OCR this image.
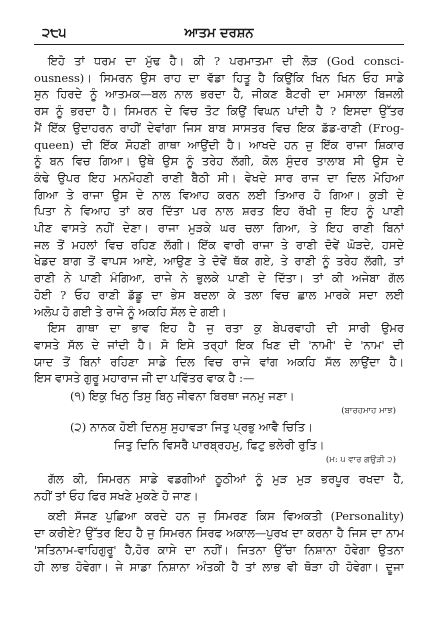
੨੮੫	ਆਤਮ ਦਰਸ਼ਨ
ਇਹੋ ਤਾਂ ਧਰਮ ਦਾ ਮੁੱਢ ਹੈ। ਕੀ ? ਪਰਮਾਤਮਾ ਦੀ ਲੋੜ (God consci-
ousness)। ਸਿਮਰਨ ਉਸ ਰਾਹ ਦਾ ਵੱਡਾ ਹਿਤੂ ਹੈ ਕਿਉਂਕਿ ਖਿਨ ਖਿਨ ਓਹ ਸਾਡੇ
ਸੁਨ ਹਿਰਦੇ ਨੂੰ ਆਤਮਕ—ਬਲ ਨਾਲ ਭਰਦਾ ਹੈ, ਜੀਕਣ ਬੈਟਰੀ ਦਾ ਮਸਾਲਾ ਬਿਜਲੀ
ਰਸ ਨੂੰ ਭਰਦਾ ਹੈ। ਸਿਮਰਨ ਦੇ ਵਿਚ ਤੋਟ ਕਿਉਂ ਵਿਘਨ ਪਾਂਦੀ ਹੈ ? ਇਸਦਾ ਉੱਤਰ
ਮੈਂ ਇੱਕ ਉਦਾਹਰਨ ਰਾਹੀਂ ਦੇਵਾਂਗਾ ਜਿਸ ਬਾਬ ਸਾਸਤਰ ਵਿਚ ਇਕ ਡੱਡ-ਰਾਣੀ (Frog-
queen) ਦੀ ਇੱਕ ਸੋਹਣੀ ਗਾਥਾ ਆਉਂਦੀ ਹੈ। ਆਖਦੇ ਹਨ ਜੁ ਇੱਕ ਰਾਜਾ ਸ਼ਿਕਾਰ
ਨੂੰ ਬਨ ਵਿਚ ਗਿਆ। ਉਥੇ ਉਸ ਨੂੰ ਤਰੇਹ ਲੱਗੀ, ਕੋਲ ਸੁੰਦਰ ਤਾਲਾਬ ਸੀ ਉਸ ਦੇ
ਕੰਢੇ ਉਪਰ ਇਹ ਮਨਮੋਹਣੀ ਰਾਣੀ ਬੈਠੀ ਸੀ। ਵੇਖਦੇ ਸਾਰ ਰਾਜ ਦਾ ਦਿਲ ਮੋਹਿਆ
ਗਿਆ ਤੇ ਰਾਜਾ ਉਸ ਦੇ ਨਾਲ ਵਿਆਹ ਕਰਨ ਲਈ ਤਿਆਰ ਹੋ ਗਿਆ। ਕੁੜੀ ਦੇ
ਪਿਤਾ ਨੇ ਵਿਆਹ ਤਾਂ ਕਰ ਦਿੱਤਾ ਪਰ ਨਾਲ ਸ਼ਰਤ ਇਹ ਰੱਖੀ ਜੁ ਇਹ ਨੂੰ ਪਾਣੀ
ਪੀਣ ਵਾਸਤੇ ਨਹੀਂ ਦੇਣਾ। ਰਾਜਾ ਮੁੜਕੇ ਘਰ ਚਲਾ ਗਿਆ, ਤੇ ਇਹ ਰਾਣੀ ਬਿਨਾਂ
ਜਲ ਤੋਂ ਮਹਲਾਂ ਵਿਚ ਰਹਿਣ ਲੱਗੀ। ਇੱਕ ਵਾਰੀ ਰਾਜਾ ਤੇ ਰਾਣੀ ਦੋਵੇਂ ਘੋੜਦੇ, ਹਸਦੇ
ਖੇਡਦ ਬਾਗ ਤੋਂ ਵਾਪਸ ਆਏ, ਆਉਣ ਤੇ ਦੋਵੇਂ ਥੱਕ ਗਏ, ਤੇ ਰਾਣੀ ਨੂੰ ਤਰੇਹ ਲੱਗੀ, ਤਾਂ
ਰਾਣੀ ਨੇ ਪਾਣੀ ਮੰਗਿਆ, ਰਾਜੇ ਨੇ ਭੁਲਕੇ ਪਾਣੀ ਦੇ ਦਿੱਤਾ। ਤਾਂ ਕੀ ਅਜੇਬਾ ਗੱਲ
ਹੋਈ ? ਓਹ ਰਾਣੀ ਡੱਡੂ ਦਾ ਭੇਸ ਬਦਲਾ ਕੇ ਤਲਾ ਵਿਚ ਛਾਲ ਮਾਰਕੇ ਸਦਾ ਲਈ
ਅਲੋਪ ਹੋ ਗਈ ਤੇ ਰਾਜੇ ਨੂੰ ਅਕਹਿ ਸੱਲ ਦੇ ਗਈ।
ਇਸ ਗਾਥਾ ਦਾ ਭਾਵ ਇਹ ਹੈ ਜੁ ਰਤਾ ਕੁ ਬੇਪਰਵਾਹੀ ਦੀ ਸਾਰੀ ਉਮਰ
ਵਾਸਤੇ ਸੱਲ ਦੇ ਜਾਂਦੀ ਹੈ। ਸੋ ਇਸੇ ਤਰ੍ਹਾਂ ਇਕ ਖਿਣ ਦੀ 'ਨਾਮੀ' ਦੇ 'ਨਾਮ' ਦੀ
ਯਾਦ ਤੋਂ ਬਿਨਾਂ ਰਹਿਣਾ ਸਾਡੇ ਦਿਲ ਵਿਚ ਰਾਜੇ ਵਾਂਗ ਅਕਹਿ ਸੱਲ ਲਾਉਂਦਾ ਹੈ।
ਇਸ ਵਾਸਤੇ ਗੁਰੂ ਮਹਾਰਾਜ ਜੀ ਦਾ ਪਵਿੱਤਰ ਵਾਕ ਹੈ :—
(੧) ਇਕੁ ਖਿਨੁ ਤਿਸੁ ਬਿਨੁ ਜੀਵਨਾ ਬਿਰਥਾ ਜਨਮੁ ਜਣਾ।
(ਬਾਰਹਮਾਹ ਮਾਝ)
(੨) ਨਾਨਕ ਹੋਈ ਦਿਨਸੁ ਸੁਹਾਵੜਾ ਜਿਤੁ ਪ੍ਰਭੁ ਆਵੈ ਚਿਤਿ।
ਜਿਤੁ ਦਿਨਿ ਵਿਸਰੈ ਪਾਰਬ੍ਰਹਮੁ, ਫਿਟੁ ਭਲੇਰੀ ਰੁਤਿ।
(ਮ: ੫ ਵਾਰ ਗਉੜੀ ੨)
ਗੱਲ ਕੀ, ਸਿਮਰਨ ਸਾਡੇ ਵਡਗੀਆਂ ਠੂਠੀਆਂ ਨੂੰ ਮੁੜ ਮੁੜ ਭਰਪੂਰ ਰਖਦਾ ਹੈ,
ਨਹੀਂ ਤਾਂ ਓਹ ਫਿਰ ਸਖਣੇ ਮੁਕਣੇ ਹੋ ਜਾਣ।
ਕਈ ਸੱਜਣ ਪੁਛਿਆ ਕਰਦੇ ਹਨ ਜੁ ਸਿਮਰਣ ਕਿਸ ਵਿਅਕਤੀ (Personality)
ਦਾ ਕਰੀਏ? ਉੱਤਰ ਇਹ ਹੈ ਜੁ ਸਿਮਰਨ ਸਿਰਫ ਅਕਾਲ—ਪੁਰਖ ਦਾ ਕਰਨਾ ਹੈ ਜਿਸ ਦਾ ਨਾਮ
'ਸਤਿਨਾਮ-ਵਾਹਿਗੁਰੂ' ਹੈ,ਹੋਰ ਕਾਸੇ ਦਾ ਨਹੀਂ। ਜਿਤਨਾ ਉੱਚਾ ਨਿਸ਼ਾਨਾ ਹੋਵੇਗਾ ਉਤਨਾ
ਹੀ ਲਾਭ ਹੋਵੇਗਾ। ਜੇ ਸਾਡਾ ਨਿਸ਼ਾਨਾ ਅੰਤਕੀ ਹੈ ਤਾਂ ਲਾਭ ਵੀ ਥੋੜਾ ਹੀ ਹੋਵੇਗਾ। ਦੂਜਾ
